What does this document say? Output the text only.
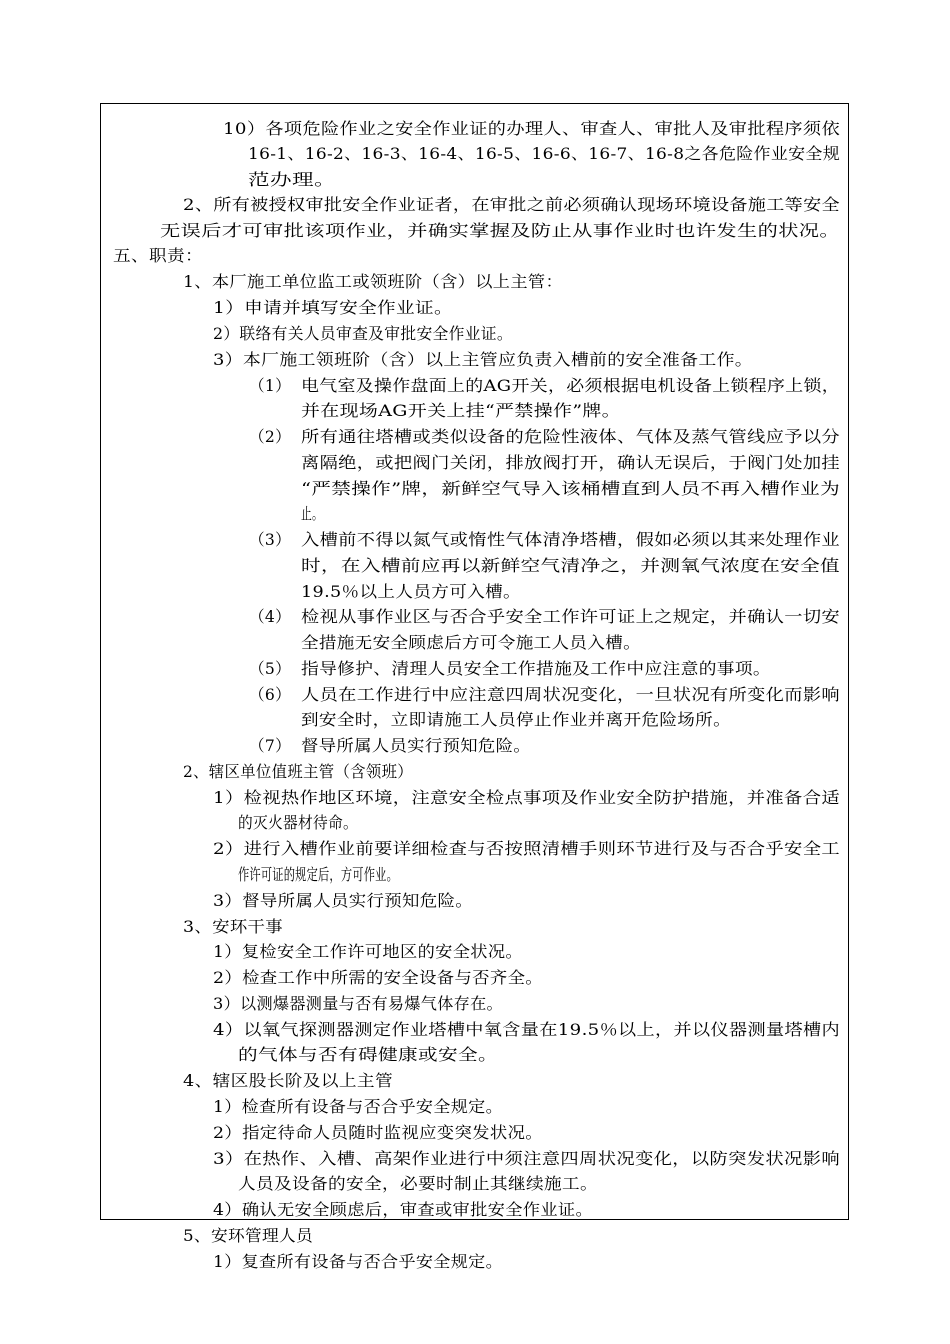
10）各项危险作业之安全作业证的办理人、审查人、审批人及审批程序须依
16-1、16-2、16-3、16-4、16-5、16-6、16-7、16-8之各危险作业安全规
范办理。
2、所有被授权审批安全作业证者，在审批之前必须确认现场环境设备施工等安全
无误后才可审批该项作业，并确实掌握及防止从事作业时也许发生的状况。
五、职责：
1、本厂施工单位监工或领班阶（含）以上主管：
1）申请并填写安全作业证。
2）联络有关人员审查及审批安全作业证。
3）本厂施工领班阶（含）以上主管应负责入槽前的安全准备工作。
（1） 电气室及操作盘面上的AG开关，必须根据电机设备上锁程序上锁，
并在现场AG开关上挂“严禁操作”牌。
（2） 所有通往塔槽或类似设备的危险性液体、气体及蒸气管线应予以分
离隔绝，或把阀门关闭，排放阀打开，确认无误后，于阀门处加挂
“严禁操作”牌，新鲜空气导入该桶槽直到人员不再入槽作业为
止。
（3） 入槽前不得以氮气或惰性气体清净塔槽，假如必须以其来处理作业
时，在入槽前应再以新鲜空气清净之，并测氧气浓度在安全值
19.5％以上人员方可入槽。
（4） 检视从事作业区与否合乎安全工作许可证上之规定，并确认一切安
全措施无安全顾虑后方可令施工人员入槽。
（5） 指导修护、清理人员安全工作措施及工作中应注意的事项。
（6） 人员在工作进行中应注意四周状况变化，一旦状况有所变化而影响
到安全时，立即请施工人员停止作业并离开危险场所。
（7） 督导所属人员实行预知危险。
2、辖区单位值班主管（含领班）
1）检视热作地区环境，注意安全检点事项及作业安全防护措施，并准备合适
的灭火器材待命。
2）进行入槽作业前要详细检查与否按照清槽手则环节进行及与否合乎安全工
作许可证的规定后，方可作业。
3）督导所属人员实行预知危险。
3、安环干事
1）复检安全工作许可地区的安全状况。
2）检查工作中所需的安全设备与否齐全。
3）以测爆器测量与否有易爆气体存在。
4）以氧气探测器测定作业塔槽中氧含量在19.5％以上，并以仪器测量塔槽内
的气体与否有碍健康或安全。
4、辖区股长阶及以上主管
1）检查所有设备与否合乎安全规定。
2）指定待命人员随时监视应变突发状况。
3）在热作、入槽、高架作业进行中须注意四周状况变化，以防突发状况影响
人员及设备的安全，必要时制止其继续施工。
4）确认无安全顾虑后，审查或审批安全作业证。
5、安环管理人员
1）复查所有设备与否合乎安全规定。
